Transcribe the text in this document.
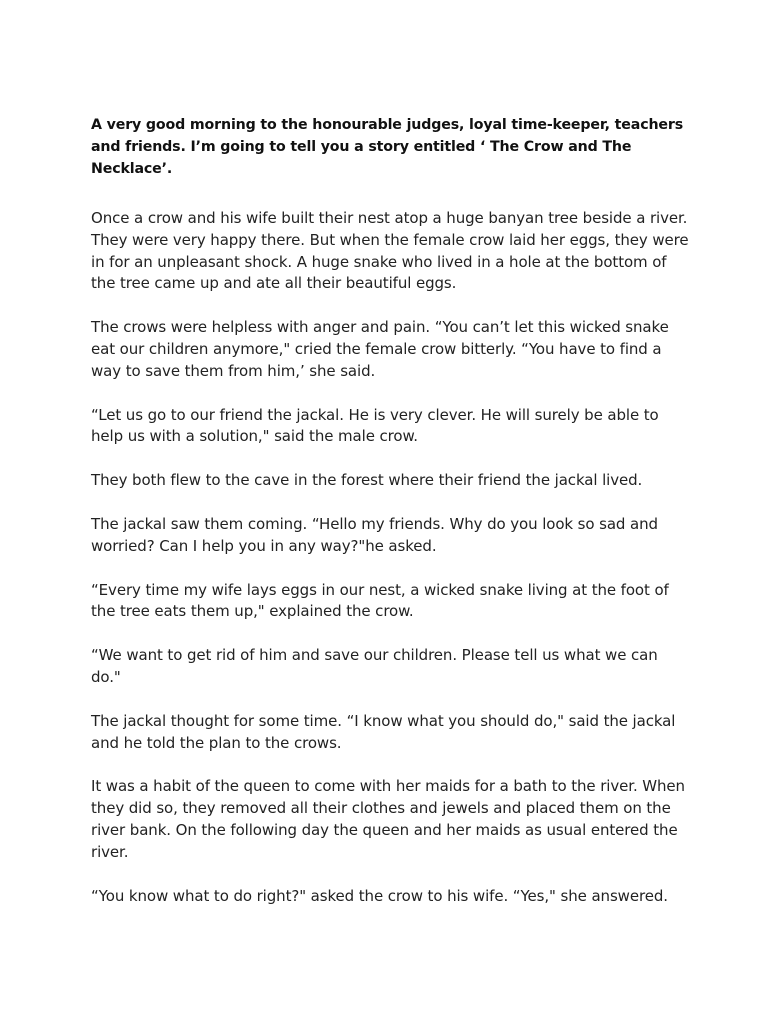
A very good morning to the honourable judges, loyal time-keeper, teachers and friends. I’m going to tell you a story entitled ‘ The Crow and The Necklace’.

Once a crow and his wife built their nest atop a huge banyan tree beside a river. They were very happy there. But when the female crow laid her eggs, they were in for an unpleasant shock. A huge snake who lived in a hole at the bottom of the tree came up and ate all their beautiful eggs.

The crows were helpless with anger and pain. “You can’t let this wicked snake eat our children anymore," cried the female crow bitterly. “You have to find a way to save them from him,’ she said.

“Let us go to our friend the jackal. He is very clever. He will surely be able to help us with a solution," said the male crow.

They both flew to the cave in the forest where their friend the jackal lived.

The jackal saw them coming. “Hello my friends. Why do you look so sad and worried? Can I help you in any way?"he asked.

“Every time my wife lays eggs in our nest, a wicked snake living at the foot of the tree eats them up," explained the crow.

“We want to get rid of him and save our children. Please tell us what we can do."

The jackal thought for some time. “I know what you should do," said the jackal and he told the plan to the crows.

It was a habit of the queen to come with her maids for a bath to the river. When they did so, they removed all their clothes and jewels and placed them on the river bank. On the following day the queen and her maids as usual entered the river.

“You know what to do right?" asked the crow to his wife. “Yes," she answered.
